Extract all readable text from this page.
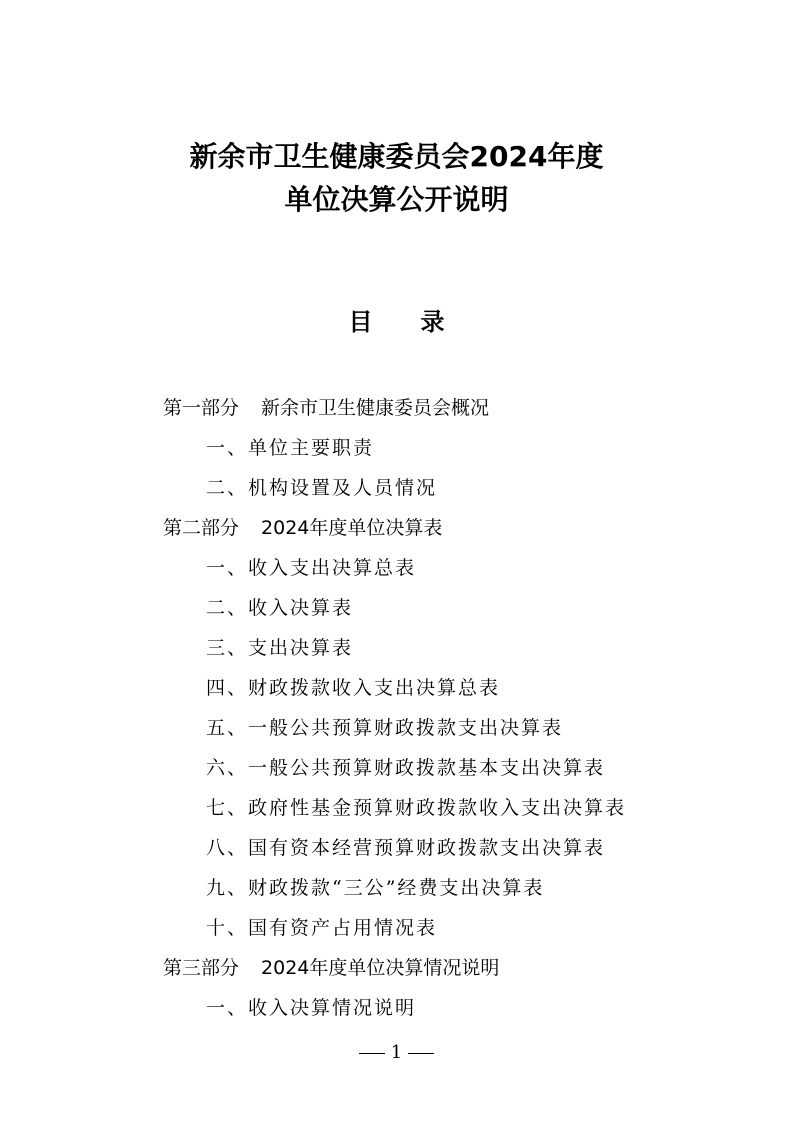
新余市卫生健康委员会2024年度
单位决算公开说明
目 录
第一部分 新余市卫生健康委员会概况
一、单位主要职责
二、机构设置及人员情况
第二部分 2024年度单位决算表
一、收入支出决算总表
二、收入决算表
三、支出决算表
四、财政拨款收入支出决算总表
五、一般公共预算财政拨款支出决算表
六、一般公共预算财政拨款基本支出决算表
七、政府性基金预算财政拨款收入支出决算表
八、国有资本经营预算财政拨款支出决算表
九、财政拨款“三公”经费支出决算表
十、国有资产占用情况表
第三部分 2024年度单位决算情况说明
一、收入决算情况说明
1
